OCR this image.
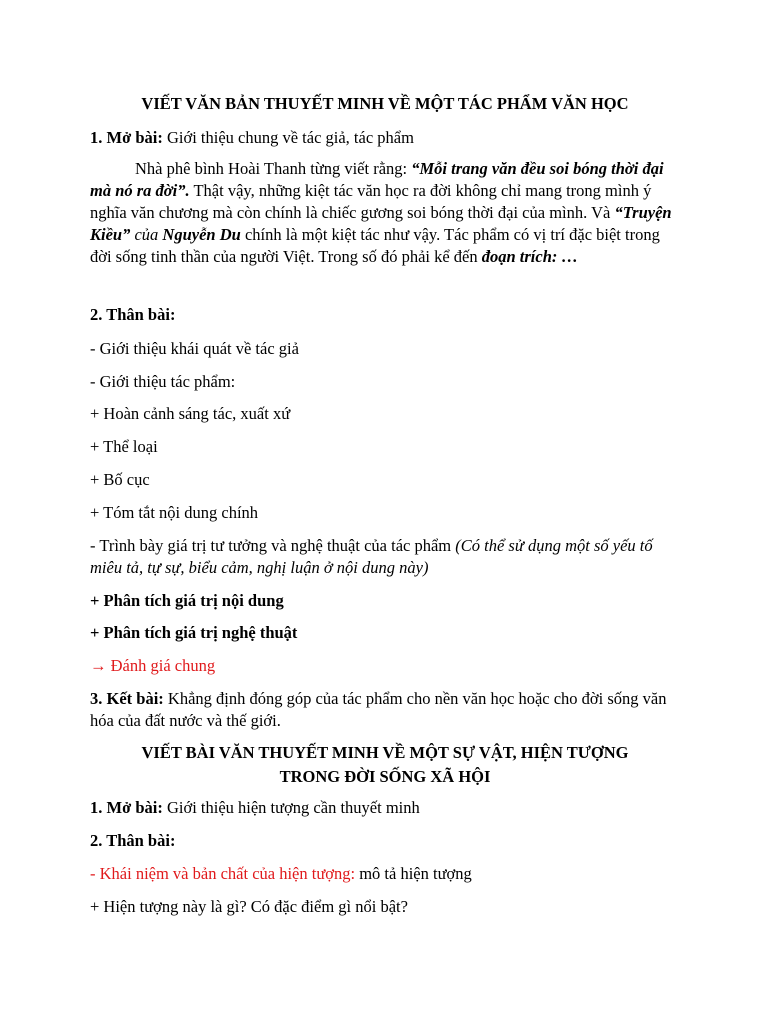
VIẾT VĂN BẢN THUYẾT MINH VỀ MỘT TÁC PHẨM VĂN HỌC
1. Mở bài: Giới thiệu chung về tác giả, tác phẩm
Nhà phê bình Hoài Thanh từng viết rằng: “Mỗi trang văn đều soi bóng thời đại mà nó ra đời”. Thật vậy, những kiệt tác văn học ra đời không chỉ mang trong mình ý nghĩa văn chương mà còn chính là chiếc gương soi bóng thời đại của mình. Và “Truyện Kiều” của Nguyễn Du chính là một kiệt tác như vậy. Tác phẩm có vị trí đặc biệt trong đời sống tinh thần của người Việt. Trong số đó phải kể đến đoạn trích: …
2. Thân bài:
- Giới thiệu khái quát về tác giả
- Giới thiệu tác phẩm:
+ Hoàn cảnh sáng tác, xuất xứ
+ Thể loại
+ Bố cục
+ Tóm tắt nội dung chính
- Trình bày giá trị tư tưởng và nghệ thuật của tác phẩm (Có thể sử dụng một số yếu tố miêu tả, tự sự, biểu cảm, nghị luận ở nội dung này)
+ Phân tích giá trị nội dung
+ Phân tích giá trị nghệ thuật
→ Đánh giá chung
3. Kết bài: Khẳng định đóng góp của tác phẩm cho nền văn học hoặc cho đời sống văn hóa của đất nước và thế giới.
VIẾT BÀI VĂN THUYẾT MINH VỀ MỘT SỰ VẬT, HIỆN TƯỢNG
TRONG ĐỜI SỐNG XÃ HỘI
1. Mở bài: Giới thiệu hiện tượng cần thuyết minh
2. Thân bài:
- Khái niệm và bản chất của hiện tượng: mô tả hiện tượng
+ Hiện tượng này là gì? Có đặc điểm gì nổi bật?
